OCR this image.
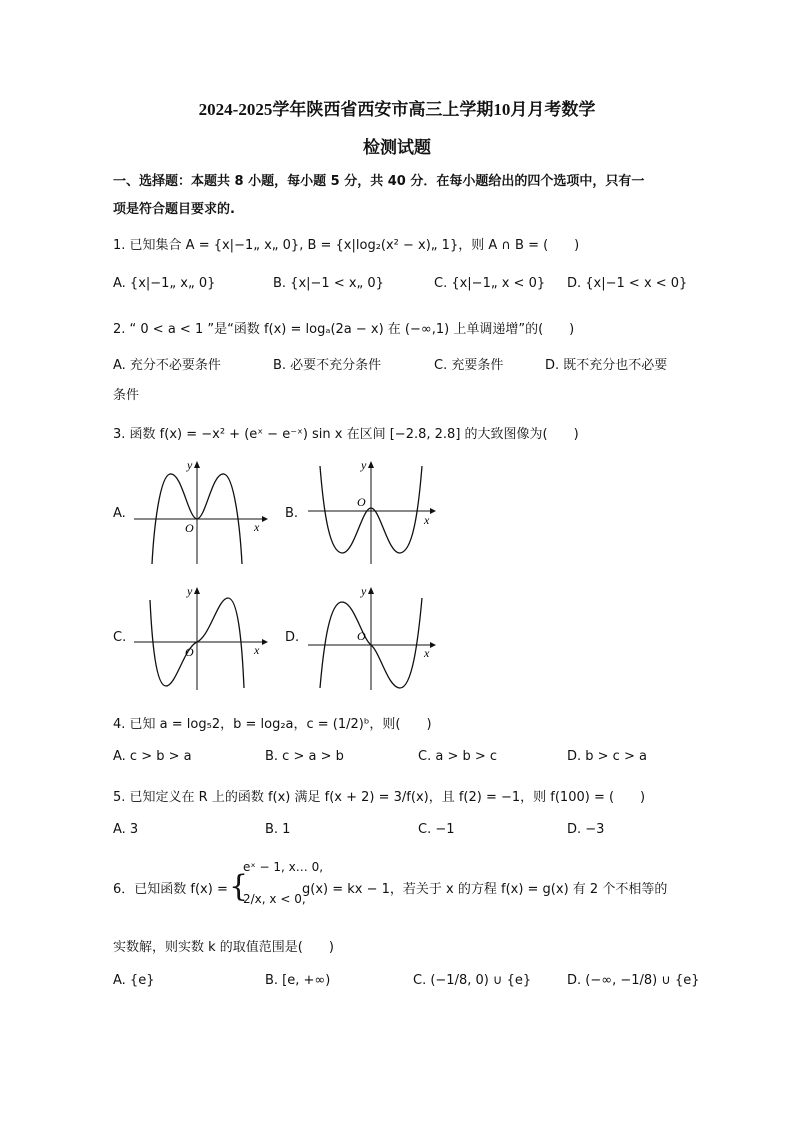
2024-2025学年陕西省西安市高三上学期10月月考数学
检测试题
一、选择题：本题共 8 小题，每小题 5 分，共 40 分．在每小题给出的四个选项中，只有一
项是符合题目要求的.
1. 已知集合 A = {x|−1„ x„ 0}, B = {x|log₂(x² − x)„ 1}，则 A ∩ B = (　　)
A. {x|−1„ x„ 0}	B. {x|−1 < x„ 0}	C. {x|−1„ x < 0} D. {x|−1 < x < 0}
2. “ 0 < a < 1 ”是“函数 f(x) = logₐ(2a − x) 在 (−∞,1) 上单调递增”的(　　)
A. 充分不必要条件	B. 必要不充分条件	C. 充要条件	D. 既不充分也不必要
条件
3. 函数 f(x) = −x² + (eˣ − e⁻ˣ) sin x 在区间 [−2.8, 2.8] 的大致图像为(　　)
A.
O
y
x
B.
O
y
x
C.
O
y
x
D.	O
y
x
4. 已知 a = log₅2，b = log₂a，c = (1/2)ᵇ，则(　　)
A. c > b > a	B. c > a > b	C. a > b > c	D. b > c > a
5. 已知定义在 R 上的函数 f(x) 满足 f(x + 2) = 3/f(x)，且 f(2) = −1，则 f(100) = (　　)
A. 3	B. 1	C. −1	D. −3
6．已知函数 f(x) = {
eˣ − 1, x… 0,
2/x, x < 0,
g(x) = kx − 1，若关于 x 的方程 f(x) = g(x) 有 2 个不相等的
实数解，则实数 k 的取值范围是(　　)
A. {e}	B. [e, +∞)	C. (−1/8, 0) ∪ {e}	D. (−∞, −1/8) ∪ {e}
